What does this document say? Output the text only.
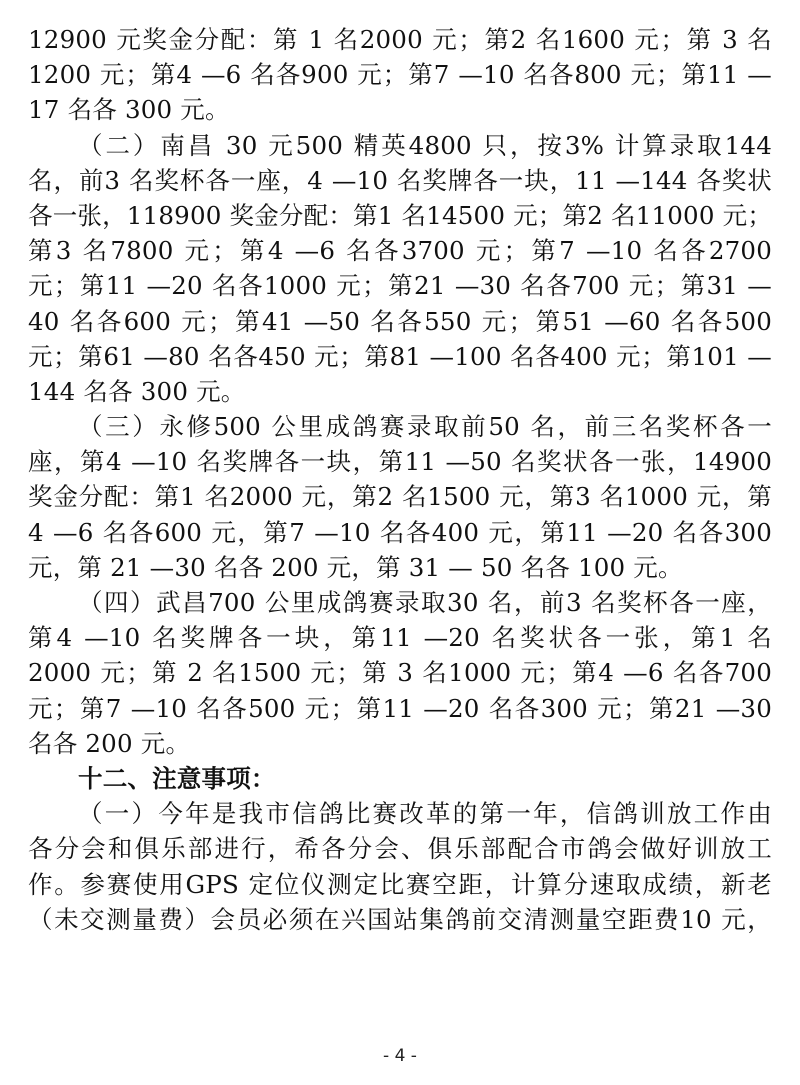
12900 元奖金分配：第 1 名2000 元；第2 名1600 元；第 3 名
1200 元；第4 —6 名各900 元；第7 —10 名各800 元；第11 —
17 名各 300 元。
（二）南昌 30 元500 精英4800 只，按3% 计算录取144
名，前3 名奖杯各一座，4 —10 名奖牌各一块，11 —144 各奖状
各一张，118900 奖金分配：第1 名14500 元；第2 名11000 元；
第3 名7800 元；第4 —6 名各3700 元；第7 —10 名各2700
元；第11 —20 名各1000 元；第21 —30 名各700 元；第31 —
40 名各600 元；第41 —50 名各550 元；第51 —60 名各500
元；第61 —80 名各450 元；第81 —100 名各400 元；第101 —
144 名各 300 元。
（三）永修500 公里成鸽赛录取前50 名，前三名奖杯各一
座，第4 —10 名奖牌各一块，第11 —50 名奖状各一张，14900
奖金分配：第1 名2000 元，第2 名1500 元，第3 名1000 元，第
4 —6 名各600 元，第7 —10 名各400 元，第11 —20 名各300
元，第 21 —30 名各 200 元，第 31 — 50 名各 100 元。
（四）武昌700 公里成鸽赛录取30 名，前3 名奖杯各一座，
第4 —10 名奖牌各一块，第11 —20 名奖状各一张，第1 名
2000 元；第 2 名1500 元；第 3 名1000 元；第4 —6 名各700
元；第7 —10 名各500 元；第11 —20 名各300 元；第21 —30
名各 200 元。
十二、注意事项：
（一）今年是我市信鸽比赛改革的第一年，信鸽训放工作由
各分会和俱乐部进行，希各分会、俱乐部配合市鸽会做好训放工
作。参赛使用GPS 定位仪测定比赛空距，计算分速取成绩，新老
（未交测量费）会员必须在兴国站集鸽前交清测量空距费10 元，
- 4 -
